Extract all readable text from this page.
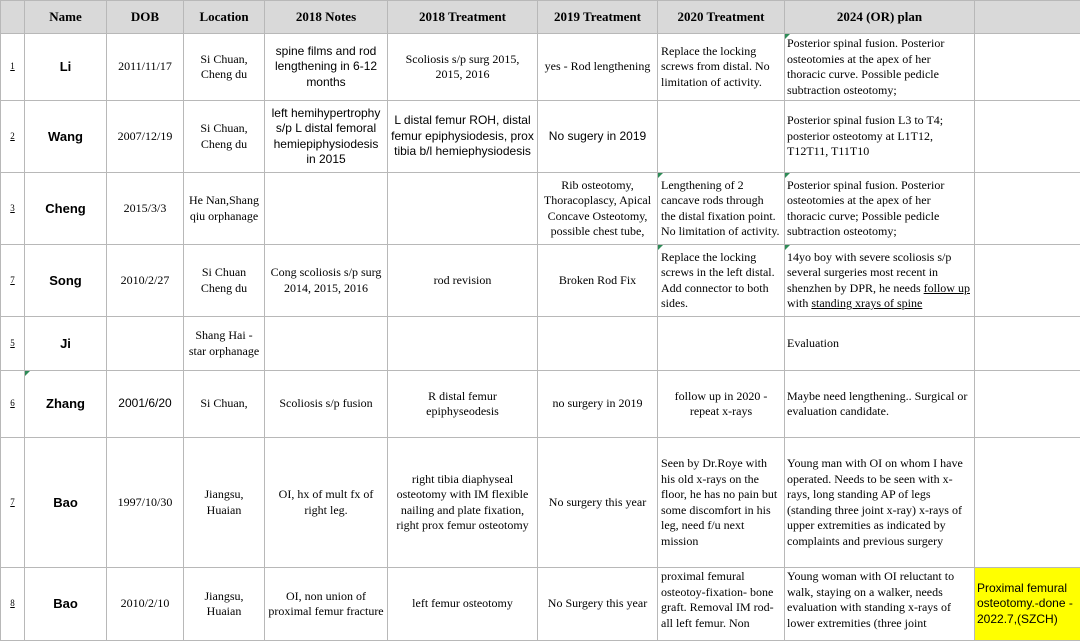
	Name	DOB	Location	2018 Notes	2018 Treatment	2019 Treatment	2020 Treatment	2024 (OR) plan	
1	Li	2011/11/17	Si Chuan, Cheng du	spine films and rod lengthening in 6-12 months	Scoliosis s/p surg 2015, 2015, 2016	yes - Rod lengthening	Replace the locking screws from distal. No limitation of activity.	Posterior spinal fusion. Posterior osteotomies at the apex of her thoracic curve. Possible pedicle subtraction osteotomy;	
2	Wang	2007/12/19	Si Chuan, Cheng du	left hemihypertrophy s/p L distal femoral hemiepiphysiodesis in 2015	L distal femur ROH, distal femur epiphysiodesis, prox tibia b/l hemiephysiodesis	No sugery in 2019		Posterior spinal fusion L3 to T4; posterior osteotomy at L1T12, T12T11, T11T10	
3	Cheng	2015/3/3	He Nan,Shang qiu orphanage			Rib osteotomy, Thoracoplascy, Apical Concave Osteotomy, possible chest tube,	Lengthening of 2 cancave rods through the distal fixation point. No limitation of activity.	Posterior spinal fusion. Posterior osteotomies at the apex of her thoracic curve; Possible pedicle subtraction osteotomy;	
7	Song	2010/2/27	Si Chuan Cheng du	Cong scoliosis s/p surg 2014, 2015, 2016	rod revision	Broken Rod Fix	Replace the locking screws in the left distal. Add connector to both sides.	14yo boy with severe scoliosis s/p several surgeries most recent in shenzhen by DPR, he needs follow up with standing xrays of spine	
5	Ji		Shang Hai - star orphanage					Evaluation	
6	Zhang	2001/6/20	Si Chuan,	Scoliosis s/p fusion	R distal femur epiphyseodesis	no surgery in 2019	follow up in 2020 - repeat x-rays	Maybe need lengthening.. Surgical or evaluation candidate.	
7	Bao	1997/10/30	Jiangsu, Huaian	OI, hx of mult fx of right leg.	right tibia diaphyseal osteotomy with IM flexible nailing and plate fixation, right prox femur osteotomy	No surgery this year	Seen by Dr.Roye with his old x-rays on the floor, he has no pain but some discomfort in his leg, need f/u next mission	Young man with OI on whom I have operated. Needs to be seen with x-rays, long standing AP of legs (standing three joint x-ray) x-rays of upper extremities as indicated by complaints and previous surgery	
8	Bao	2010/2/10	Jiangsu, Huaian	OI, non union of proximal femur fracture	left femur osteotomy	No Surgery this year	proximal femural osteotoy-fixation- bone graft. Removal IM rod- all left femur. Non	Young woman with OI reluctant to walk, staying on a walker, needs evaluation with standing x-rays of lower extremities (three joint	Proximal femural osteotomy.-done - 2022.7,(SZCH)
